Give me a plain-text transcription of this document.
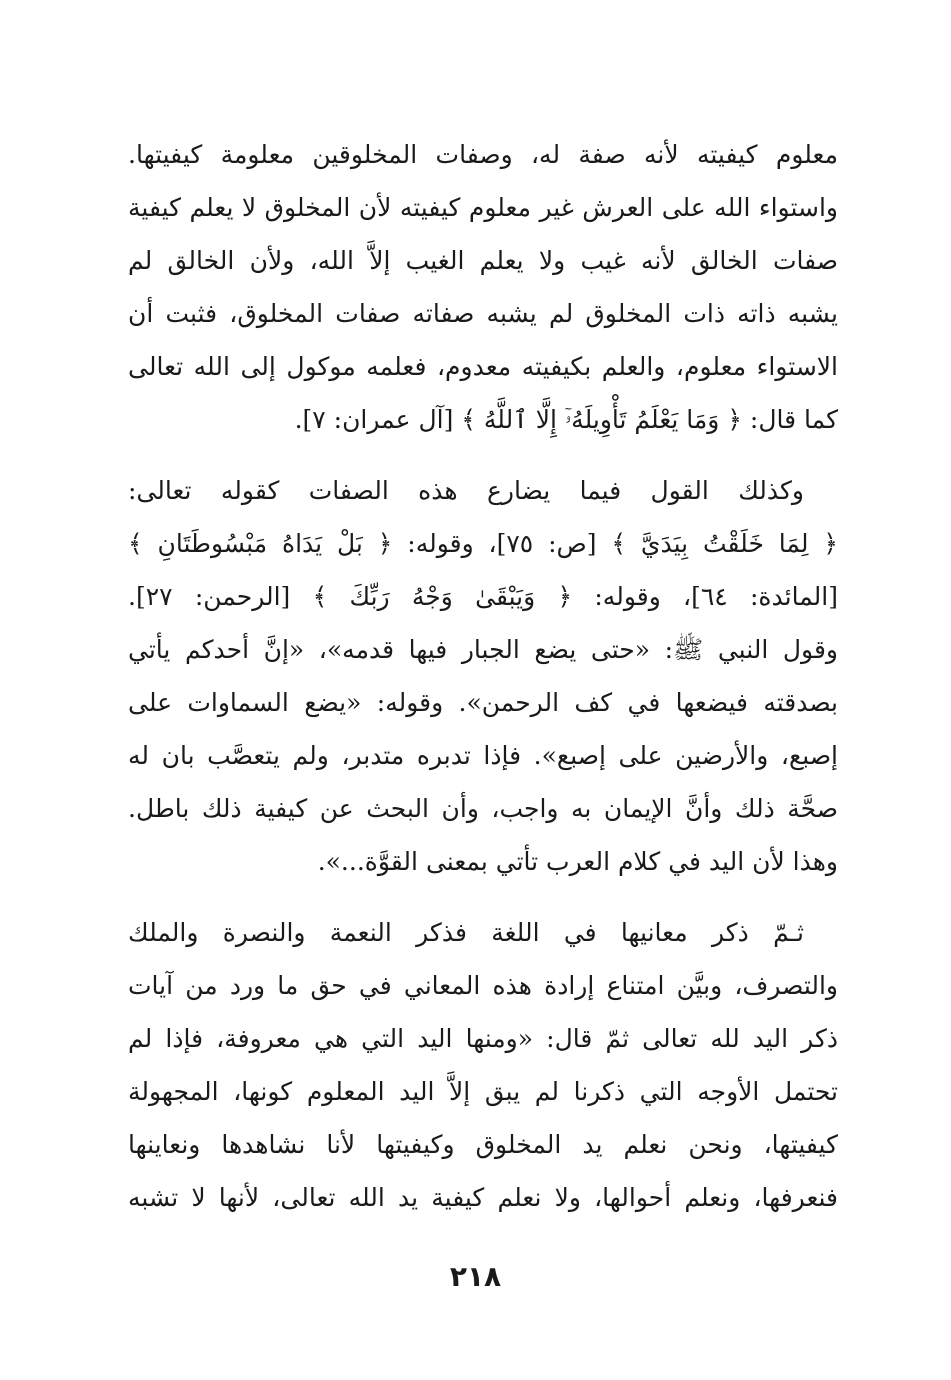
معلوم كيفيته لأنه صفة له، وصفات المخلوقين معلومة كيفيتها.
واستواء الله على العرش غير معلوم كيفيته لأن المخلوق لا يعلم كيفية
صفات الخالق لأنه غيب ولا يعلم الغيب إلاَّ الله، ولأن الخالق لم
يشبه ذاته ذات المخلوق لم يشبه صفاته صفات المخلوق، فثبت أن
الاستواء معلوم، والعلم بكيفيته معدوم، فعلمه موكول إلى الله تعالى
كما قال: ﴿ وَمَا يَعْلَمُ تَأْوِيلَهُۥٓ إِلَّا ٱللَّهُ ﴾ [آل عمران: ٧].
وكذلك القول فيما يضارع هذه الصفات كقوله تعالى:
﴿ لِمَا خَلَقْتُ بِيَدَيَّ ﴾ [ص: ٧٥]، وقوله: ﴿ بَلْ يَدَاهُ مَبْسُوطَتَانِ ﴾
[المائدة: ٦٤]، وقوله: ﴿ وَيَبْقَىٰ وَجْهُ رَبِّكَ ﴾ [الرحمن: ٢٧].
وقول النبي ﷺ: «حتى يضع الجبار فيها قدمه»، «إنَّ أحدكم يأتي
بصدقته فيضعها في كف الرحمن». وقوله: «يضع السماوات على
إصبع، والأرضين على إصبع». فإذا تدبره متدبر، ولم يتعصَّب بان له
صحَّة ذلك وأنَّ الإيمان به واجب، وأن البحث عن كيفية ذلك باطل.
وهذا لأن اليد في كلام العرب تأتي بمعنى القوَّة...».
ثـمّ ذكر معانيها في اللغة فذكر النعمة والنصرة والملك
والتصرف، وبيَّن امتناع إرادة هذه المعاني في حق ما ورد من آيات
ذكر اليد لله تعالى ثمّ قال: «ومنها اليد التي هي معروفة، فإذا لم
تحتمل الأوجه التي ذكرنا لم يبق إلاَّ اليد المعلوم كونها، المجهولة
كيفيتها، ونحن نعلم يد المخلوق وكيفيتها لأنا نشاهدها ونعاينها
فنعرفها، ونعلم أحوالها، ولا نعلم كيفية يد الله تعالى، لأنها لا تشبه
٢١٨
